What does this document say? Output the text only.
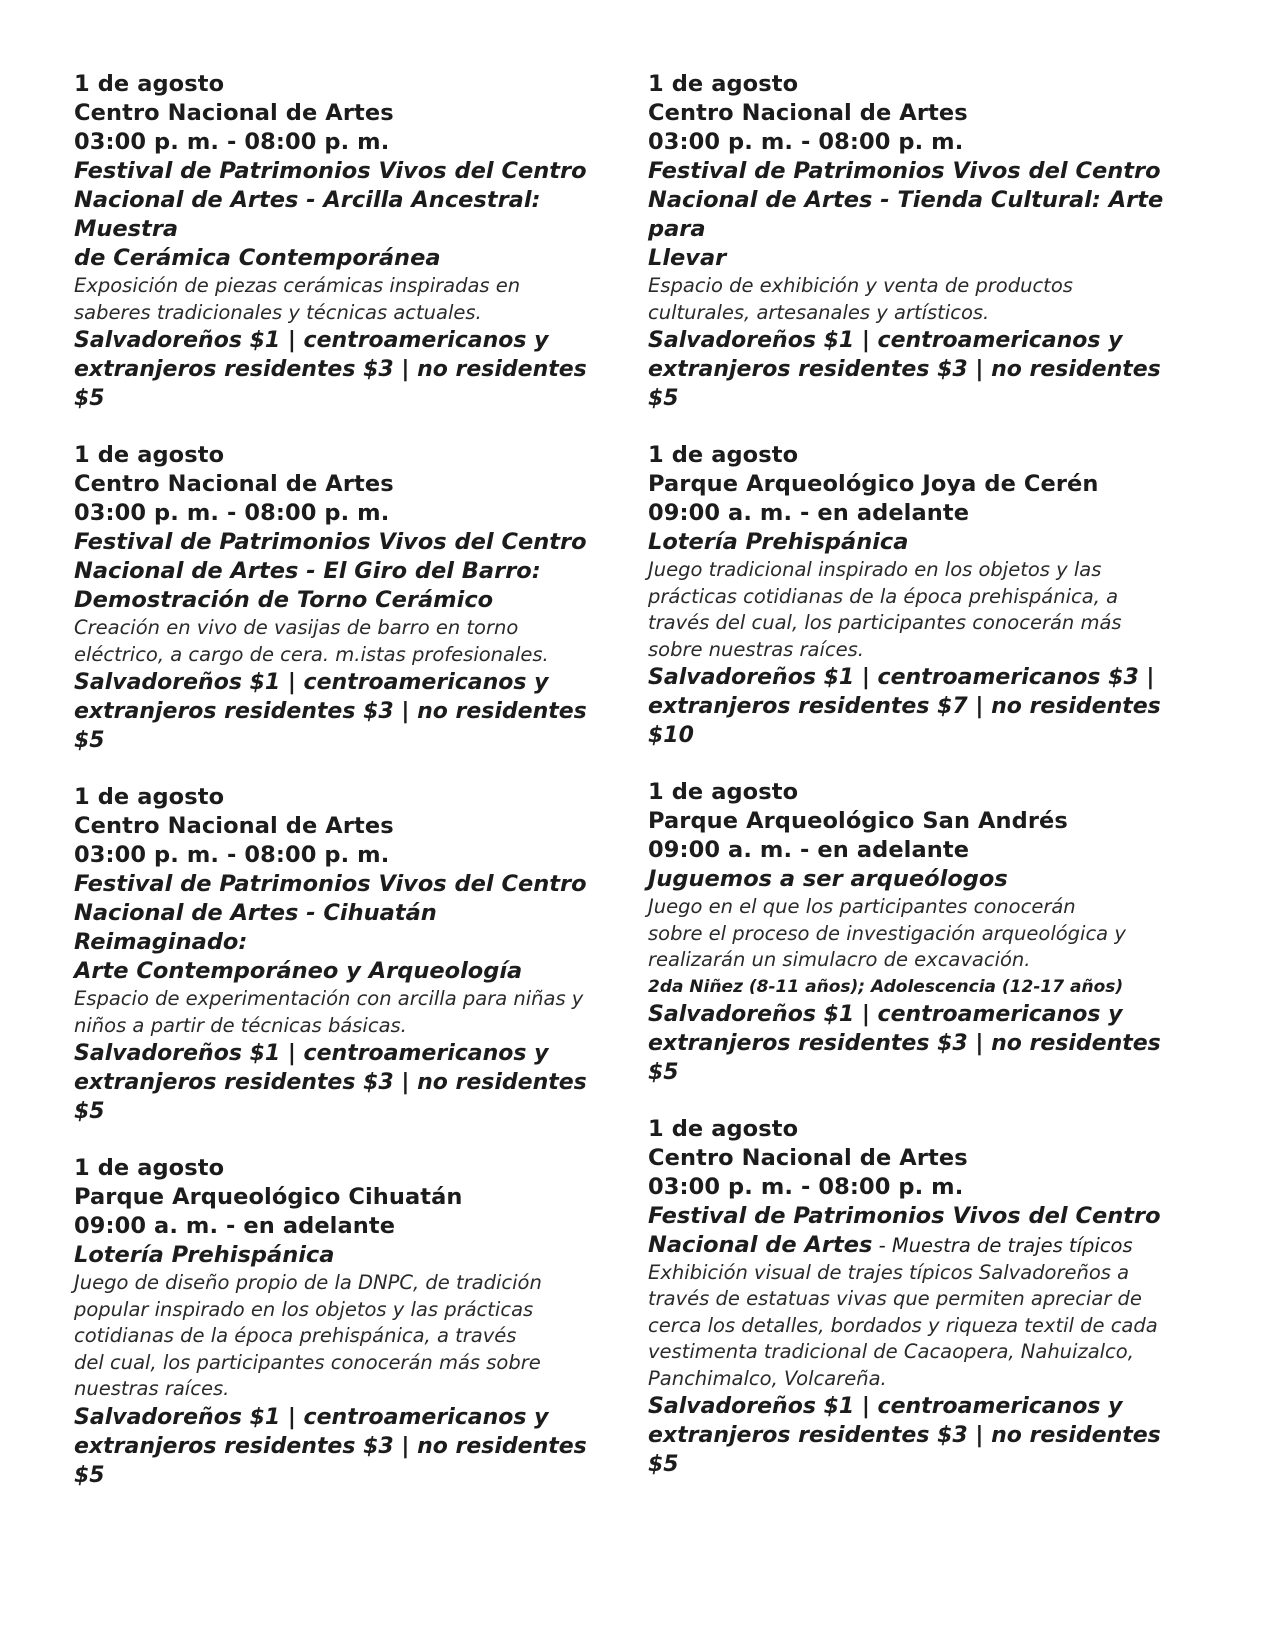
1 de agosto
Centro Nacional de Artes
03:00 p. m. - 08:00 p. m.
Festival de Patrimonios Vivos del Centro
Nacional de Artes - Arcilla Ancestral: Muestra
de Cerámica Contemporánea
Exposición de piezas cerámicas inspiradas en
saberes tradicionales y técnicas actuales.
Salvadoreños $1 | centroamericanos y
extranjeros residentes $3 | no residentes $5
1 de agosto
Centro Nacional de Artes
03:00 p. m. - 08:00 p. m.
Festival de Patrimonios Vivos del Centro
Nacional de Artes - El Giro del Barro:
Demostración de Torno Cerámico
Creación en vivo de vasijas de barro en torno
eléctrico, a cargo de cera. m.istas profesionales.
Salvadoreños $1 | centroamericanos y
extranjeros residentes $3 | no residentes $5
1 de agosto
Centro Nacional de Artes
03:00 p. m. - 08:00 p. m.
Festival de Patrimonios Vivos del Centro
Nacional de Artes - Cihuatán Reimaginado:
Arte Contemporáneo y Arqueología
Espacio de experimentación con arcilla para niñas y
niños a partir de técnicas básicas.
Salvadoreños $1 | centroamericanos y
extranjeros residentes $3 | no residentes $5
1 de agosto
Parque Arqueológico Cihuatán
09:00 a. m. - en adelante
Lotería Prehispánica
Juego de diseño propio de la DNPC, de tradición
popular inspirado en los objetos y las prácticas
cotidianas de la época prehispánica, a través
del cual, los participantes conocerán más sobre
nuestras raíces.
Salvadoreños $1 | centroamericanos y
extranjeros residentes $3 | no residentes $5
1 de agosto
Centro Nacional de Artes
03:00 p. m. - 08:00 p. m.
Festival de Patrimonios Vivos del Centro
Nacional de Artes - Tienda Cultural: Arte para
Llevar
Espacio de exhibición y venta de productos
culturales, artesanales y artísticos.
Salvadoreños $1 | centroamericanos y
extranjeros residentes $3 | no residentes $5
1 de agosto
Parque Arqueológico Joya de Cerén
09:00 a. m. - en adelante
Lotería Prehispánica
Juego tradicional inspirado en los objetos y las
prácticas cotidianas de la época prehispánica, a
través del cual, los participantes conocerán más
sobre nuestras raíces.
Salvadoreños $1 | centroamericanos $3 |
extranjeros residentes $7 | no residentes $10
1 de agosto
Parque Arqueológico San Andrés
09:00 a. m. - en adelante
Juguemos a ser arqueólogos
Juego en el que los participantes conocerán
sobre el proceso de investigación arqueológica y
realizarán un simulacro de excavación.
2da Niñez (8-11 años); Adolescencia (12-17 años)
Salvadoreños $1 | centroamericanos y
extranjeros residentes $3 | no residentes $5
1 de agosto
Centro Nacional de Artes
03:00 p. m. - 08:00 p. m.
Festival de Patrimonios Vivos del Centro
Nacional de Artes - Muestra de trajes típicos
Exhibición visual de trajes típicos Salvadoreños a
través de estatuas vivas que permiten apreciar de
cerca los detalles, bordados y riqueza textil de cada
vestimenta tradicional de Cacaopera, Nahuizalco,
Panchimalco, Volcareña.
Salvadoreños $1 | centroamericanos y
extranjeros residentes $3 | no residentes $5
